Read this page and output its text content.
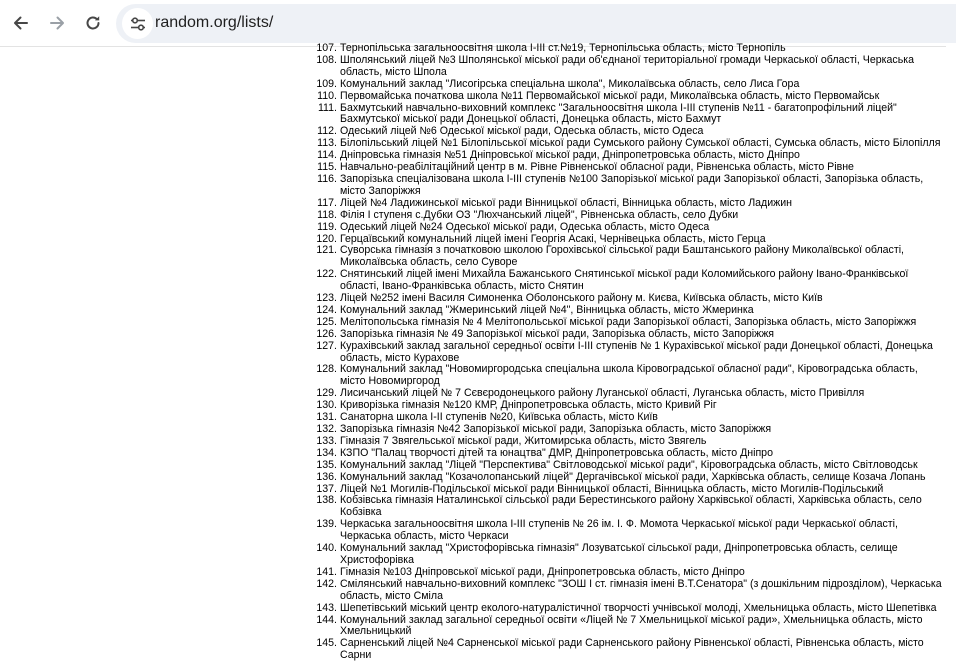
random.org/lists/
107. Тернопільська загальноосвітня школа І-ІІІ ст.№19, Тернопільська область, місто Тернопіль
108. Шполянський ліцей №3 Шполянської міської ради об'єднаної територіальної громади Черкаської області, Черкаська область, місто Шпола
109. Комунальний заклад "Лисогірська спеціальна школа", Миколаївська область, село Лиса Гора
110. Первомайська початкова школа №11 Первомайської міської ради, Миколаївська область, місто Первомайськ
111. Бахмутський навчально-виховний комплекс "Загальноосвітня школа І-ІІІ ступенів №11 - багатопрофільний ліцей" Бахмутської міської ради Донецької області, Донецька область, місто Бахмут
112. Одеський ліцей №6 Одеської міської ради, Одеська область, місто Одеса
113. Білопільський ліцей №1 Білопільської міської ради Сумського району Сумської області, Сумська область, місто Білопілля
114. Дніпровська гімназія №51 Дніпровської міської ради, Дніпропетровська область, місто Дніпро
115. Навчально-реабілітаційний центр в м. Рівне Рівненської обласної ради, Рівненська область, місто Рівне
116. Запорізька спеціалізована школа І-ІІІ ступенів №100 Запорізької міської ради Запорізької області, Запорізька область, місто Запоріжжя
117. Ліцей №4 Ладижинської міської ради Вінницької області, Вінницька область, місто Ладижин
118. Філія І ступеня с.Дубки ОЗ "Люхчанський ліцей", Рівненська область, село Дубки
119. Одеський ліцей №24 Одеської міської ради, Одеська область, місто Одеса
120. Герцаївський комунальний ліцей імені Георгія Асакі, Чернівецька область, місто Герца
121. Суворська гімназія з початковою школою Горохівської сільської ради Баштанського району Миколаївської області, Миколаївська область, село Суворе
122. Снятинський ліцей імені Михайла Бажанського Снятинської міської ради Коломийського району Івано-Франківської області, Івано-Франківська область, місто Снятин
123. Ліцей №252 імені Василя Симоненка Оболонського району м. Києва, Київська область, місто Київ
124. Комунальний заклад "Жмеринський ліцей №4", Вінницька область, місто Жмеринка
125. Мелітопольська гімназія № 4 Мелітопольської міської ради Запорізької області, Запорізька область, місто Запоріжжя
126. Запорізька гімназія № 49 Запорізької міської ради, Запорізька область, місто Запоріжжя
127. Курахівський заклад загальної середньої освіти І-ІІІ ступенів № 1 Курахівської міської ради Донецької області, Донецька область, місто Курахове
128. Комунальний заклад "Новомиргородська спеціальна школа Кіровоградської обласної ради", Кіровоградська область, місто Новомиргород
129. Лисичанський ліцей № 7 Сєвєродонецького району Луганської області, Луганська область, місто Привілля
130. Криворізька гімназія №120 КМР, Дніпропетровська область, місто Кривий Ріг
131. Санаторна школа І-ІІ ступенів №20, Київська область, місто Київ
132. Запорізька гімназія №42 Запорізької міської ради, Запорізька область, місто Запоріжжя
133. Гімназія 7 Звягельської міської ради, Житомирська область, місто Звягель
134. КЗПО "Палац творчості дітей та юнацтва" ДМР, Дніпропетровська область, місто Дніпро
135. Комунальний заклад "Ліцей "Перспектива" Світловодської міської ради", Кіровоградська область, місто Світловодськ
136. Комунальний заклад "Козачолопанський ліцей" Дергачівської міської ради, Харківська область, селище Козача Лопань
137. Ліцей №1 Могилів-Подільської міської ради Вінницької області, Вінницька область, місто Могилів-Подільський
138. Кобзівська гімназія Наталинської сільської ради Берестинського району Харківської області, Харківська область, село Кобзівка
139. Черкаська загальноосвітня школа І-ІІІ ступенів № 26 ім. І. Ф. Момота Черкаської міської ради Черкаської області, Черкаська область, місто Черкаси
140. Комунальний заклад "Христофорівська гімназія" Лозуватської сільської ради, Дніпропетровська область, селище Христофорівка
141. Гімназія №103 Дніпровської міської ради, Дніпропетровська область, місто Дніпро
142. Смілянський навчально-виховний комплекс "ЗОШ І ст. гімназія імені В.Т.Сенатора" (з дошкільним підрозділом), Черкаська область, місто Сміла
143. Шепетівський міський центр еколого-натуралістичної творчості учнівської молоді, Хмельницька область, місто Шепетівка
144. Комунальний заклад загальної середньої освіти «Ліцей № 7 Хмельницької міської ради», Хмельницька область, місто Хмельницький
145. Сарненський ліцей №4 Сарненської міської ради Сарненського району Рівненської області, Рівненська область, місто Сарни
